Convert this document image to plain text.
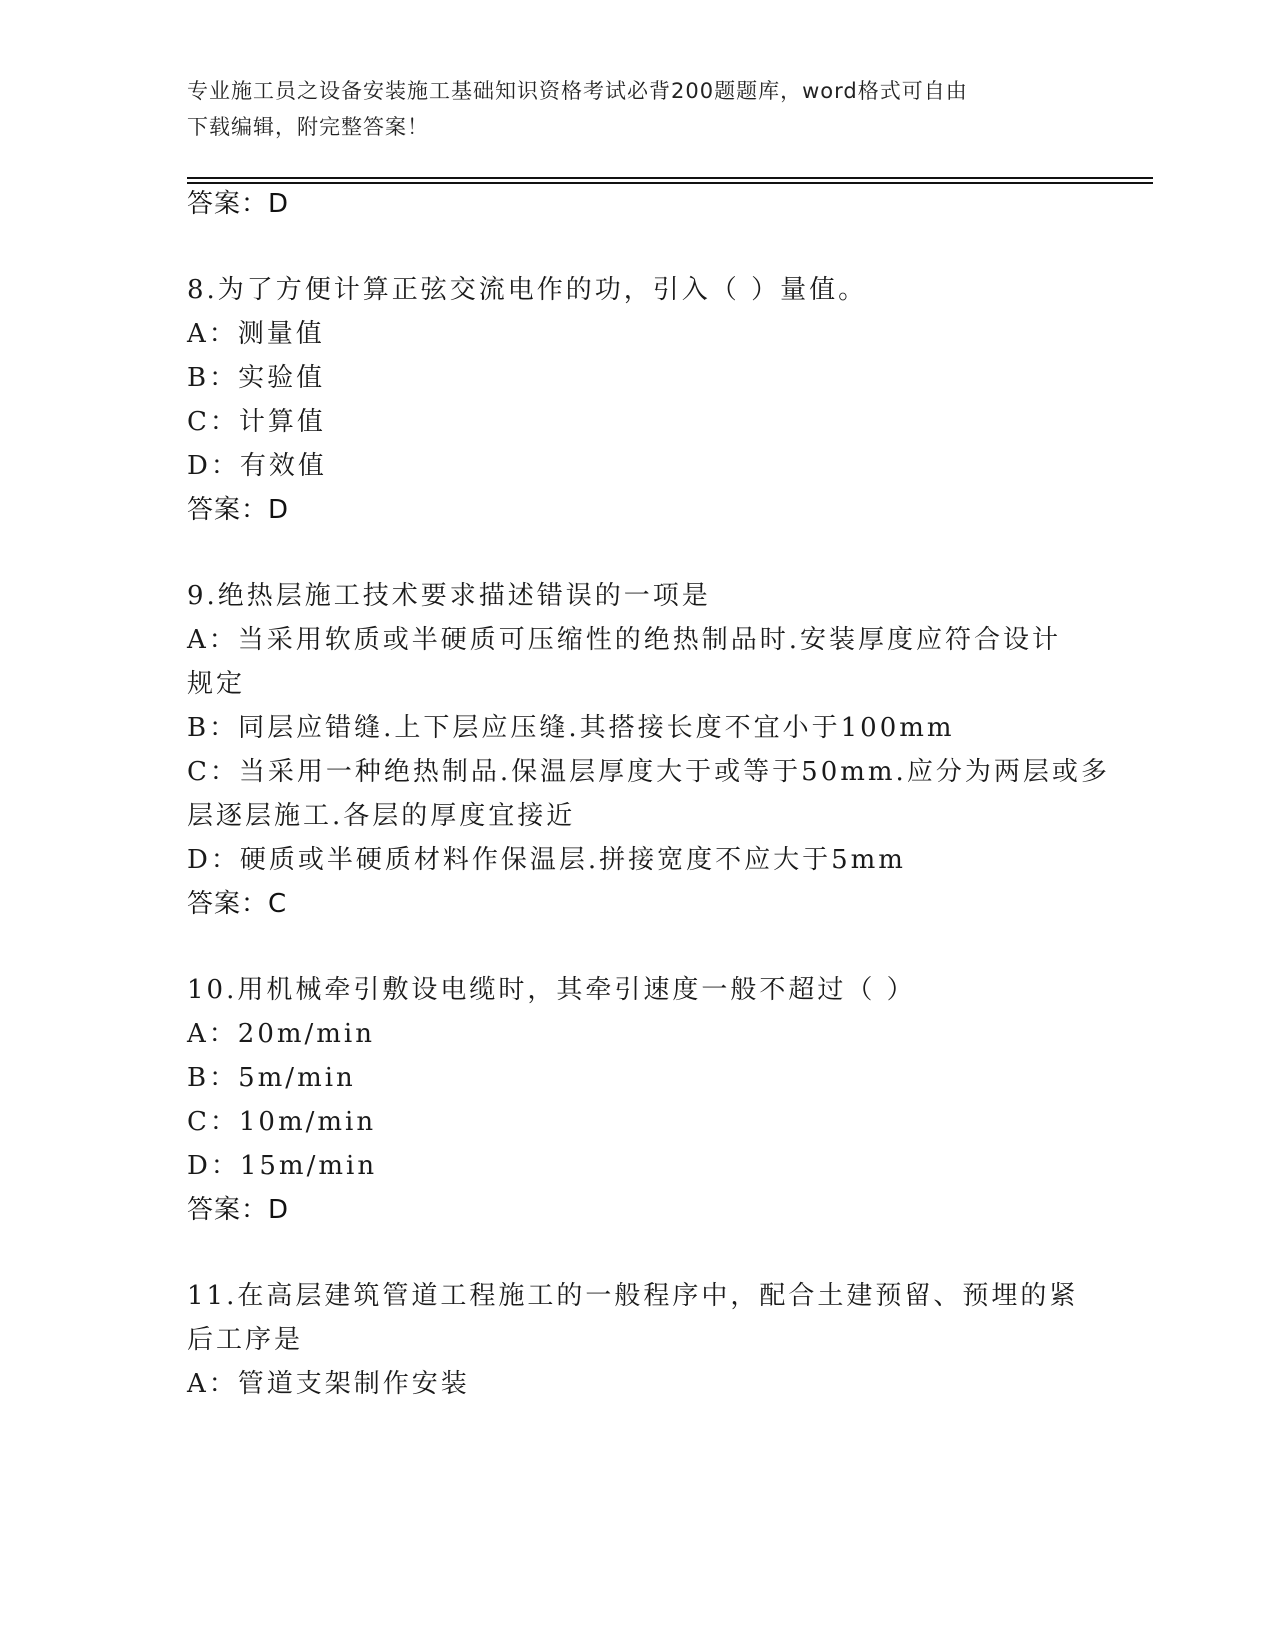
专业施工员之设备安装施工基础知识资格考试必背200题题库，word格式可自由
下载编辑，附完整答案！
答案：D
8.为了方便计算正弦交流电作的功，引入（ ）量值。
A：测量值
B：实验值
C：计算值
D：有效值
答案：D
9.绝热层施工技术要求描述错误的一项是
A：当采用软质或半硬质可压缩性的绝热制品时.安装厚度应符合设计
规定
B：同层应错缝.上下层应压缝.其搭接长度不宜小于100mm
C：当采用一种绝热制品.保温层厚度大于或等于50mm.应分为两层或多
层逐层施工.各层的厚度宜接近
D：硬质或半硬质材料作保温层.拼接宽度不应大于5mm
答案：C
10.用机械牵引敷设电缆时，其牵引速度一般不超过（ ）
A：20m/min
B：5m/min
C：10m/min
D：15m/min
答案：D
11.在高层建筑管道工程施工的一般程序中，配合土建预留、预埋的紧
后工序是
A：管道支架制作安装
